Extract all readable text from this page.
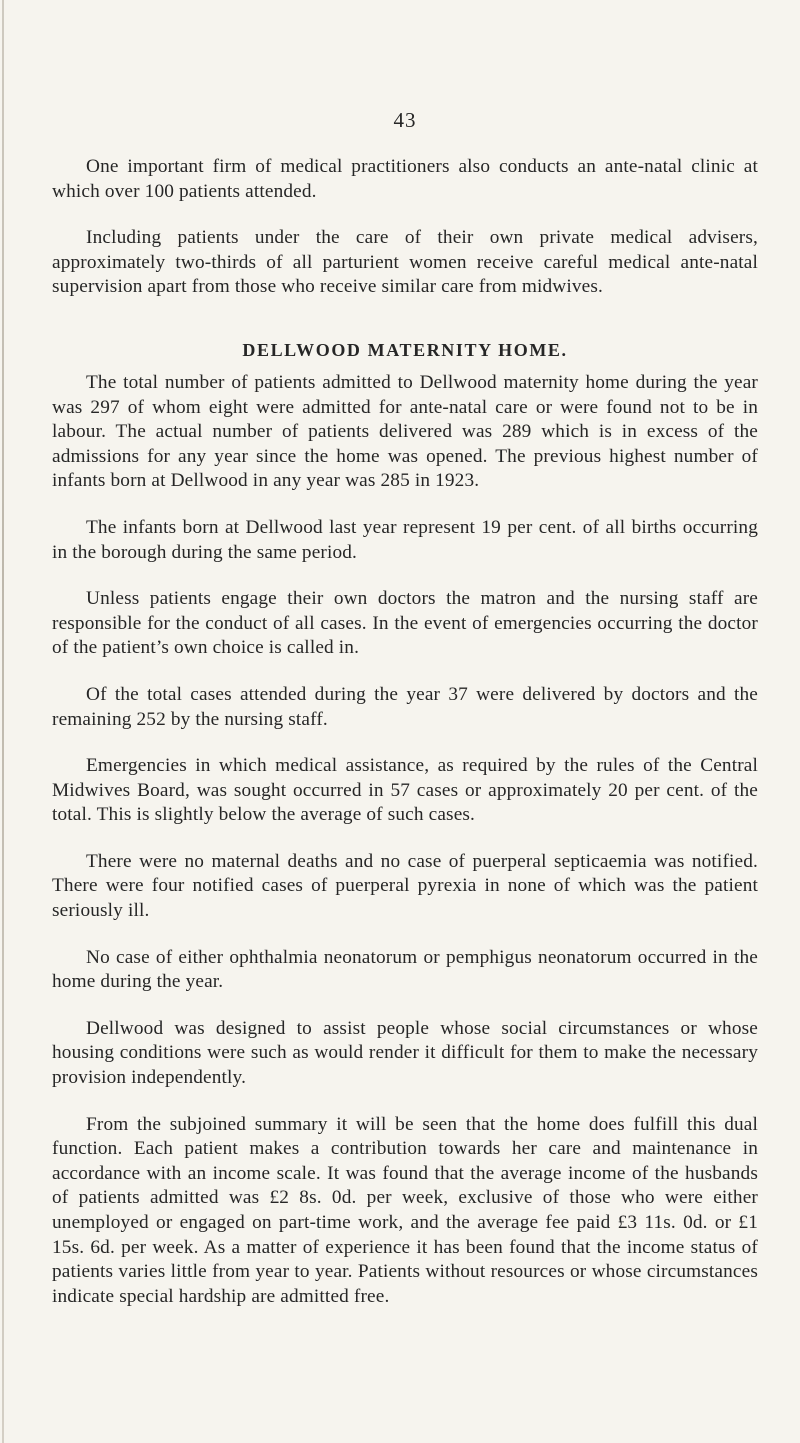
43

One important firm of medical practitioners also conducts an ante-natal clinic at which over 100 patients attended.

Including patients under the care of their own private medical advisers, approximately two-thirds of all parturient women receive careful medical ante-natal supervision apart from those who receive similar care from midwives.

DELLWOOD MATERNITY HOME.

The total number of patients admitted to Dellwood maternity home during the year was 297 of whom eight were admitted for ante-natal care or were found not to be in labour. The actual number of patients delivered was 289 which is in excess of the admissions for any year since the home was opened. The previous highest number of infants born at Dellwood in any year was 285 in 1923.

The infants born at Dellwood last year represent 19 per cent. of all births occurring in the borough during the same period.

Unless patients engage their own doctors the matron and the nursing staff are responsible for the conduct of all cases. In the event of emergencies occurring the doctor of the patient’s own choice is called in.

Of the total cases attended during the year 37 were delivered by doctors and the remaining 252 by the nursing staff.

Emergencies in which medical assistance, as required by the rules of the Central Midwives Board, was sought occurred in 57 cases or approximately 20 per cent. of the total. This is slightly below the average of such cases.

There were no maternal deaths and no case of puerperal septicaemia was notified. There were four notified cases of puerperal pyrexia in none of which was the patient seriously ill.

No case of either ophthalmia neonatorum or pemphigus neonatorum occurred in the home during the year.

Dellwood was designed to assist people whose social circumstances or whose housing conditions were such as would render it difficult for them to make the necessary provision independently.

From the subjoined summary it will be seen that the home does fulfill this dual function. Each patient makes a contribution towards her care and maintenance in accordance with an income scale. It was found that the average income of the husbands of patients admitted was £2 8s. 0d. per week, exclusive of those who were either unemployed or engaged on part-time work, and the average fee paid £3 11s. 0d. or £1 15s. 6d. per week. As a matter of experience it has been found that the income status of patients varies little from year to year. Patients without resources or whose circumstances indicate special hardship are admitted free.
